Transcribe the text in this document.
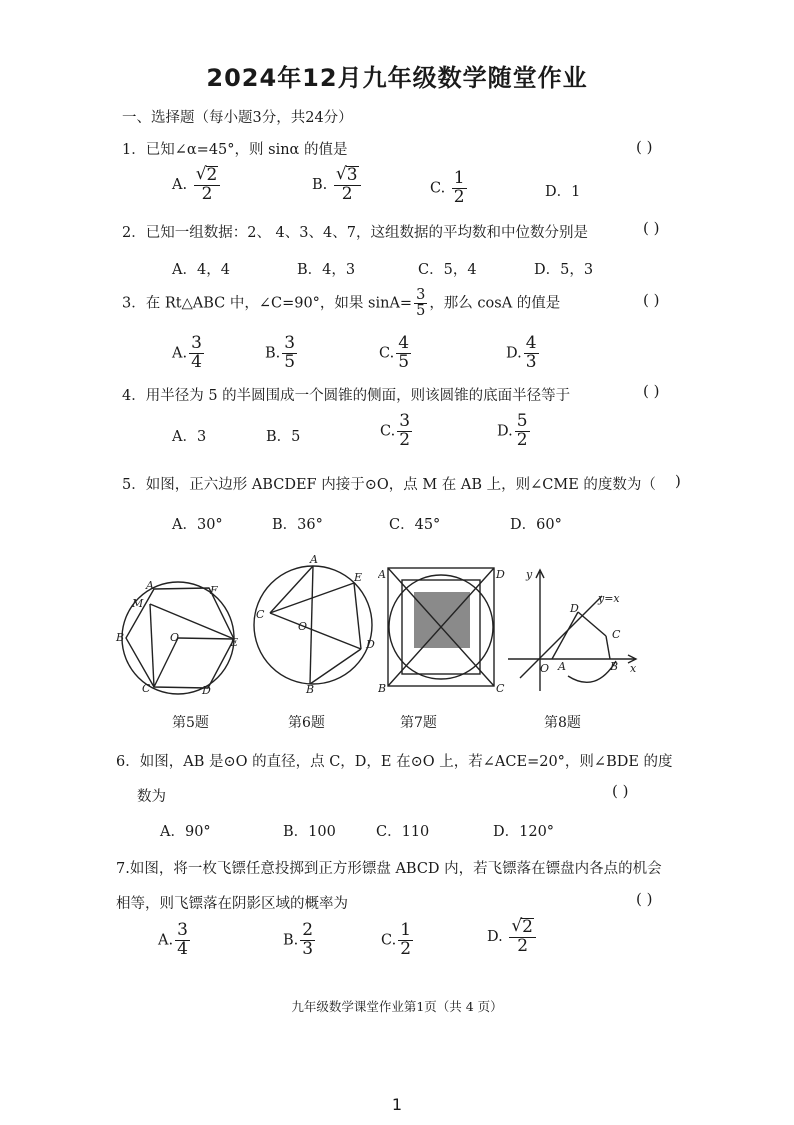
2024年12月九年级数学随堂作业
一、选择题（每小题3分，共24分）
1．已知∠α=45°，则 sinα 的值是	( )
A. $\frac{√ 2}{2}$	B. $\frac{√ 3}{2}$	C. $\frac{1}{2}$	D．1
2．已知一组数据：2、 4、3、4、7，这组数据的平均数和中位数分别是	( )
A．4，4	B．4，3	C．5，4	D．5，3
3．在 Rt△ABC 中，∠C=90°，如果 $\sin A= \frac{3}{5}$ ，那么 cosA 的值是	( )
A. $\frac{3}{4}$	B. $\frac{3}{5}$	C. $\frac{4}{5}$	D. $\frac{4}{3}$
4．用半径为 5 的半圆围成一个圆锥的侧面，则该圆锥的底面半径等于	( )
A．3	B．5	C. $\frac{3}{2}$	D. $\frac{5}{2}$
5．如图，正六边形 ABCDEF 内接于⊙O，点 M 在 AB 上，则∠CME 的度数为（ )
A．30°	B．36°	C．45°	D．60°
A	F
M
B	O	E
C	D
A
E
C
O
D
B
A	D
B	C
y
y=x
D
C
O A	B x
第5题	第6题	第7题	第8题
6．如图，AB 是⊙O 的直径，点 C，D，E 在⊙O 上，若∠ACE=20°，则∠BDE 的度
数为	( )
A．90°	B．100	C．110	D．120°
7.如图，将一枚飞镖任意投掷到正方形镖盘 ABCD 内，若飞镖落在镖盘内各点的机会
相等，则飞镖落在阴影区域的概率为	( )
A. $\frac{3}{4}$	B. $\frac{2}{3}$	C. $\frac{1}{2}$	D. $\frac{√ 2}{2}$
九年级数学课堂作业第1页（共 4 页）
1
